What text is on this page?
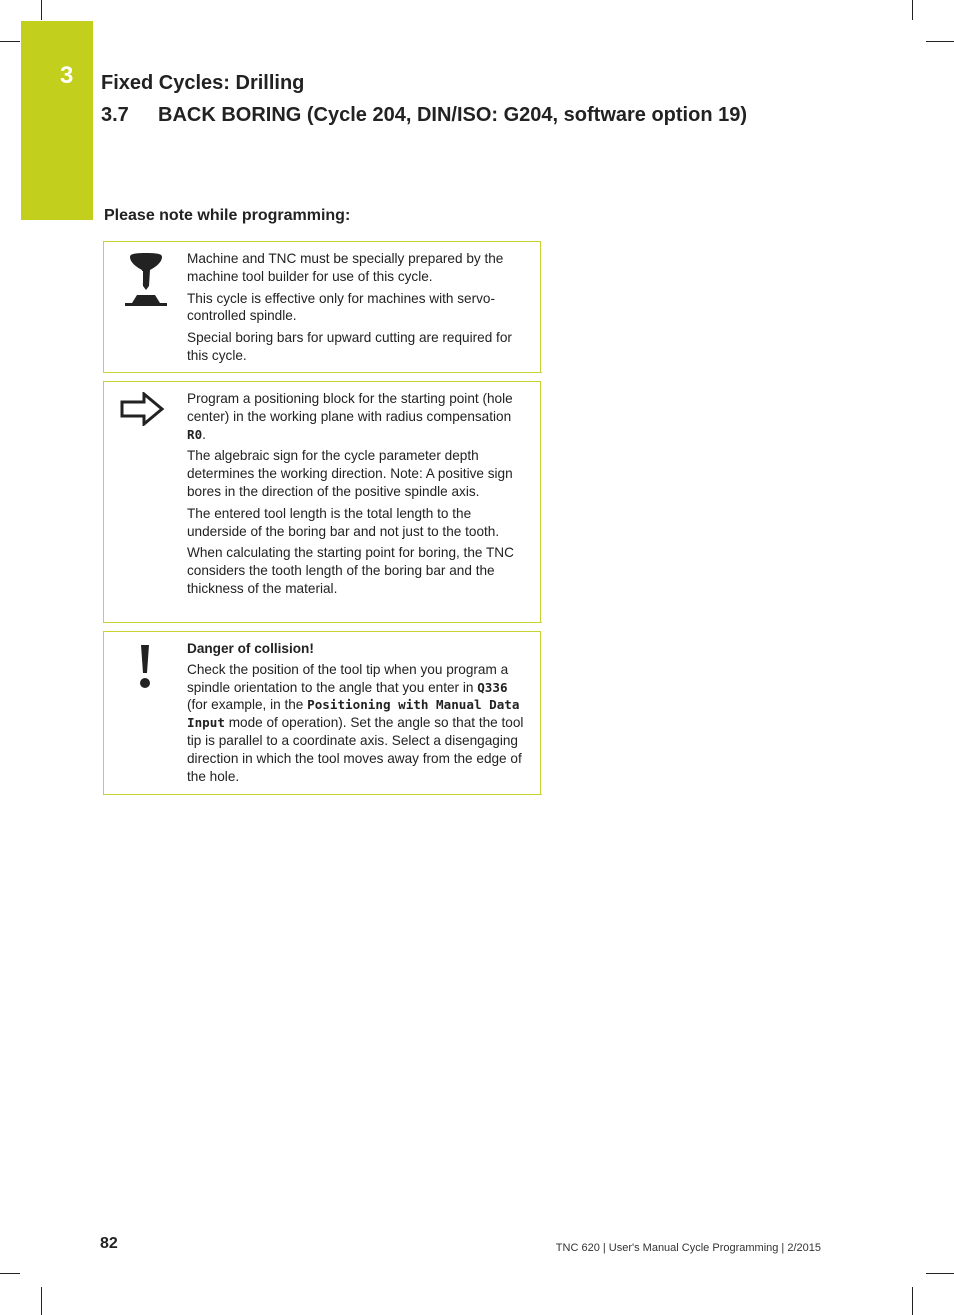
3 Fixed Cycles: Drilling
3.7 BACK BORING (Cycle 204, DIN/ISO: G204, software option 19)
Please note while programming:

Machine and TNC must be specially prepared by the machine tool builder for use of this cycle.

This cycle is effective only for machines with servo-controlled spindle.

Special boring bars for upward cutting are required for this cycle.

Program a positioning block for the starting point (hole center) in the working plane with radius compensation R0.

The algebraic sign for the cycle parameter depth determines the working direction. Note: A positive sign bores in the direction of the positive spindle axis.

The entered tool length is the total length to the underside of the boring bar and not just to the tooth.

When calculating the starting point for boring, the TNC considers the tooth length of the boring bar and the thickness of the material.

Danger of collision!

Check the position of the tool tip when you program a spindle orientation to the angle that you enter in Q336 (for example, in the Positioning with Manual Data Input mode of operation). Set the angle so that the tool tip is parallel to a coordinate axis. Select a disengaging direction in which the tool moves away from the edge of the hole.

82	TNC 620 | User's Manual Cycle Programming | 2/2015
